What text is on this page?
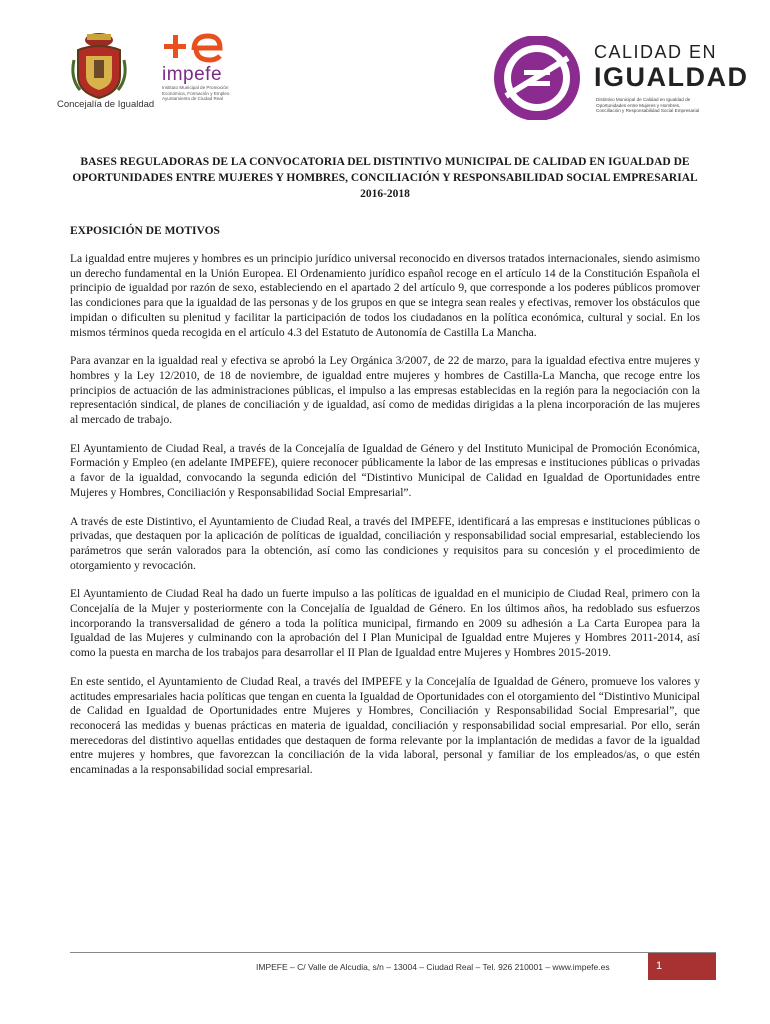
Concejalía de Igualdad
impefe
Instituto Municipal de Promoción Económica, Formación y Empleo Ayuntamiento de Ciudad Real
CALIDAD EN
IGUALDAD
Distintivo Municipal de Calidad en Igualdad de Oportunidades entre Mujeres y Hombres, Conciliación y Responsabilidad Social Empresarial
BASES REGULADORAS DE LA CONVOCATORIA DEL DISTINTIVO MUNICIPAL DE CALIDAD EN IGUALDAD DE OPORTUNIDADES ENTRE MUJERES Y HOMBRES, CONCILIACIÓN Y RESPONSABILIDAD SOCIAL EMPRESARIAL 2016-2018
EXPOSICIÓN DE MOTIVOS

La igualdad entre mujeres y hombres es un principio jurídico universal reconocido en diversos tratados internacionales, siendo asimismo un derecho fundamental en la Unión Europea. El Ordenamiento jurídico español recoge en el artículo 14 de la Constitución Española el principio de igualdad por razón de sexo, estableciendo en el apartado 2 del artículo 9, que corresponde a los poderes públicos promover las condiciones para que la igualdad de las personas y de los grupos en que se integra sean reales y efectivas, remover los obstáculos que impidan o dificulten su plenitud y facilitar la participación de todos los ciudadanos en la política económica, cultural y social. En los mismos términos queda recogida en el artículo 4.3 del Estatuto de Autonomía de Castilla La Mancha.

Para avanzar en la igualdad real y efectiva se aprobó la Ley Orgánica 3/2007, de 22 de marzo, para la igualdad efectiva entre mujeres y hombres y la Ley 12/2010, de 18 de noviembre, de igualdad entre mujeres y hombres de Castilla-La Mancha, que recoge entre los principios de actuación de las administraciones públicas, el impulso a las empresas establecidas en la región para la negociación con la representación sindical, de planes de conciliación y de igualdad, así como de medidas dirigidas a la plena incorporación de las mujeres al mercado de trabajo.

El Ayuntamiento de Ciudad Real, a través de la Concejalía de Igualdad de Género y del Instituto Municipal de Promoción Económica, Formación y Empleo (en adelante IMPEFE), quiere reconocer públicamente la labor de las empresas e instituciones públicas o privadas a favor de la igualdad, convocando la segunda edición del “Distintivo Municipal de Calidad en Igualdad de Oportunidades entre Mujeres y Hombres, Conciliación y Responsabilidad Social Empresarial”.

A través de este Distintivo, el Ayuntamiento de Ciudad Real, a través del IMPEFE, identificará a las empresas e instituciones públicas o privadas, que destaquen por la aplicación de políticas de igualdad, conciliación y responsabilidad social empresarial, estableciendo los parámetros que serán valorados para la obtención, así como las condiciones y requisitos para su concesión y el procedimiento de otorgamiento y revocación.

El Ayuntamiento de Ciudad Real ha dado un fuerte impulso a las políticas de igualdad en el municipio de Ciudad Real, primero con la Concejalía de la Mujer y posteriormente con la Concejalía de Igualdad de Género. En los últimos años, ha redoblado sus esfuerzos incorporando la transversalidad de género a toda la política municipal, firmando en 2009 su adhesión a La Carta Europea para la Igualdad de las Mujeres y culminando con la aprobación del I Plan Municipal de Igualdad entre Mujeres y Hombres 2011-2014, así como la puesta en marcha de los trabajos para desarrollar el II Plan de Igualdad entre Mujeres y Hombres 2015-2019.

En este sentido, el Ayuntamiento de Ciudad Real, a través del IMPEFE y la Concejalía de Igualdad de Género, promueve los valores y actitudes empresariales hacia políticas que tengan en cuenta la Igualdad de Oportunidades con el otorgamiento del “Distintivo Municipal de Calidad en Igualdad de Oportunidades entre Mujeres y Hombres, Conciliación y Responsabilidad Social Empresarial”, que reconocerá las medidas y buenas prácticas en materia de igualdad, conciliación y responsabilidad social empresarial. Por ello, serán merecedoras del distintivo aquellas entidades que destaquen de forma relevante por la implantación de medidas a favor de la igualdad entre mujeres y hombres, que favorezcan la conciliación de la vida laboral, personal y familiar de los empleados/as, o que estén encaminadas a la responsabilidad social empresarial.

IMPEFE – C/ Valle de Alcudia, s/n – 13004 – Ciudad Real – Tel. 926 210001 – www.impefe.es	1
